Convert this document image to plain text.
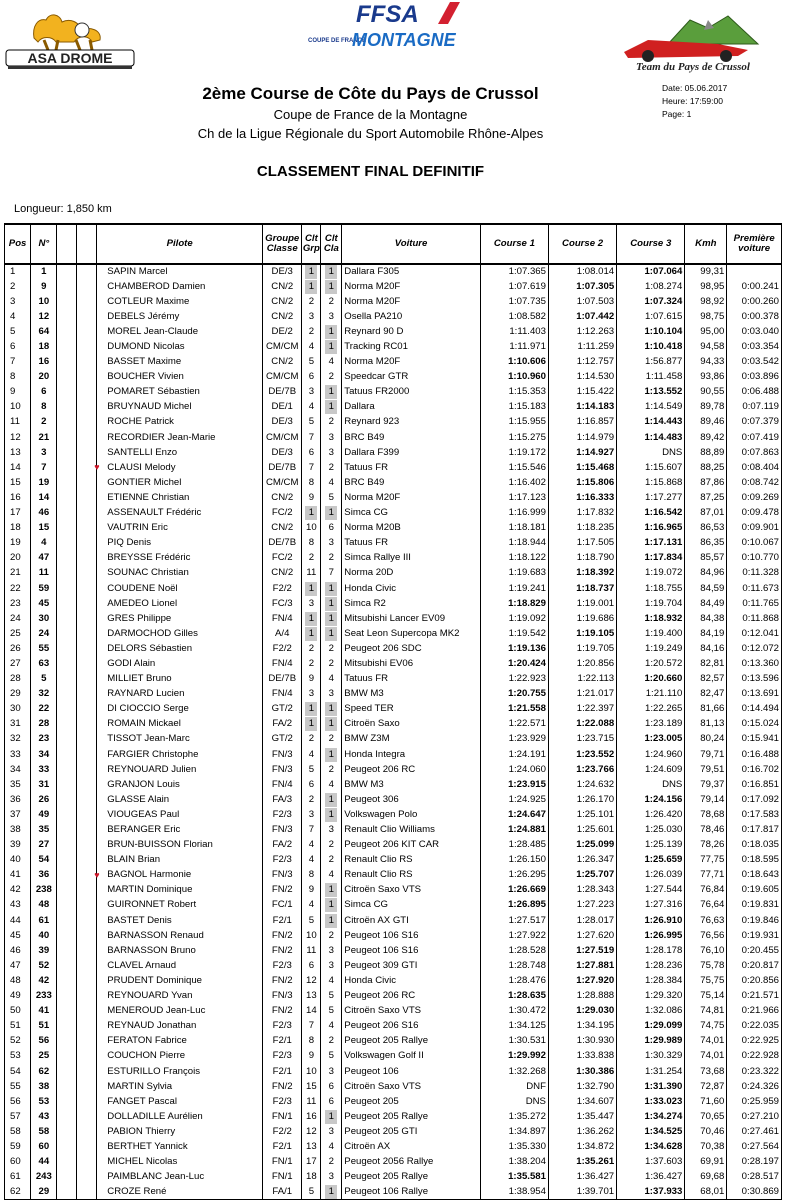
ASA DROME
FFSA
COUPE DE FRANCE
MONTAGNE
Team du Pays de Crussol
Date: 05.06.2017
Heure: 17:59:00
Page: 1
2ème Course de Côte du Pays de Crussol
Coupe de France de la Montagne
Ch de la Ligue Régionale du Sport Automobile Rhône-Alpes
CLASSEMENT FINAL DEFINITIF
Longueur: 1,850 km
Pos	N°			Pilote	Groupe Classe	Clt Grp	Clt Cla	Voiture	Course 1	Course 2	Course 3	Kmh	Première voiture
1	1			SAPIN Marcel	DE/3	1	1	Dallara F305	1:07.365	1:08.014	1:07.064	99,31	
2	9			CHAMBEROD Damien	CN/2	1	1	Norma M20F	1:07.619	1:07.305	1:08.274	98,95	0:00.241
3	10			COTLEUR Maxime	CN/2	2	2	Norma M20F	1:07.735	1:07.503	1:07.324	98,92	0:00.260
4	12			DEBELS Jérémy	CN/2	3	3	Osella PA210	1:08.582	1:07.442	1:07.615	98,75	0:00.378
5	64			MOREL Jean-Claude	DE/2	2	1	Reynard 90 D	1:11.403	1:12.263	1:10.104	95,00	0:03.040
6	18			DUMOND Nicolas	CM/CM	4	1	Tracking RC01	1:11.971	1:11.259	1:10.418	94,58	0:03.354
7	16			BASSET Maxime	CN/2	5	4	Norma M20F	1:10.606	1:12.757	1:56.877	94,33	0:03.542
8	20			BOUCHER Vivien	CM/CM	6	2	Speedcar GTR	1:10.960	1:14.530	1:11.458	93,86	0:03.896
9	6			POMARET Sébastien	DE/7B	3	1	Tatuus FR2000	1:15.353	1:15.422	1:13.552	90,55	0:06.488
10	8			BRUYNAUD Michel	DE/1	4	1	Dallara	1:15.183	1:14.183	1:14.549	89,78	0:07.119
11	2			ROCHE Patrick	DE/3	5	2	Reynard 923	1:15.955	1:16.857	1:14.443	89,46	0:07.379
12	21			RECORDIER Jean-Marie	CM/CM	7	3	BRC B49	1:15.275	1:14.979	1:14.483	89,42	0:07.419
13	3			SANTELLI Enzo	DE/3	6	3	Dallara F399	1:19.172	1:14.927	DNS	88,89	0:07.863
14	7			♥ CLAUSI Melody	DE/7B	7	2	Tatuus FR	1:15.546	1:15.468	1:15.607	88,25	0:08.404
15	19			GONTIER Michel	CM/CM	8	4	BRC B49	1:16.402	1:15.806	1:15.868	87,86	0:08.742
16	14			ETIENNE Christian	CN/2	9	5	Norma M20F	1:17.123	1:16.333	1:17.277	87,25	0:09.269
17	46			ASSENAULT Frédéric	FC/2	1	1	Simca CG	1:16.999	1:17.832	1:16.542	87,01	0:09.478
18	15			VAUTRIN Eric	CN/2	10	6	Norma M20B	1:18.181	1:18.235	1:16.965	86,53	0:09.901
19	4			PIQ Denis	DE/7B	8	3	Tatuus FR	1:18.944	1:17.505	1:17.131	86,35	0:10.067
20	47			BREYSSE Frédéric	FC/2	2	2	Simca Rallye III	1:18.122	1:18.790	1:17.834	85,57	0:10.770
21	11			SOUNAC Christian	CN/2	11	7	Norma 20D	1:19.683	1:18.392	1:19.072	84,96	0:11.328
22	59			COUDENE Noël	F2/2	1	1	Honda Civic	1:19.241	1:18.737	1:18.755	84,59	0:11.673
23	45			AMEDEO Lionel	FC/3	3	1	Simca R2	1:18.829	1:19.001	1:19.704	84,49	0:11.765
24	30			GRES Philippe	FN/4	1	1	Mitsubishi Lancer EV09	1:19.092	1:19.686	1:18.932	84,38	0:11.868
25	24			DARMOCHOD Gilles	A/4	1	1	Seat Leon Supercopa MK2	1:19.542	1:19.105	1:19.400	84,19	0:12.041
26	55			DELORS Sébastien	F2/2	2	2	Peugeot 206 SDC	1:19.136	1:19.705	1:19.249	84,16	0:12.072
27	63			GODI Alain	FN/4	2	2	Mitsubishi EV06	1:20.424	1:20.856	1:20.572	82,81	0:13.360
28	5			MILLIET Bruno	DE/7B	9	4	Tatuus FR	1:22.923	1:22.113	1:20.660	82,57	0:13.596
29	32			RAYNARD Lucien	FN/4	3	3	BMW M3	1:20.755	1:21.017	1:21.110	82,47	0:13.691
30	22			DI CIOCCIO Serge	GT/2	1	1	Speed TER	1:21.558	1:22.397	1:22.265	81,66	0:14.494
31	28			ROMAIN Mickael	FA/2	1	1	Citroën Saxo	1:22.571	1:22.088	1:23.189	81,13	0:15.024
32	23			TISSOT Jean-Marc	GT/2	2	2	BMW Z3M	1:23.929	1:23.715	1:23.005	80,24	0:15.941
33	34			FARGIER Christophe	FN/3	4	1	Honda Integra	1:24.191	1:23.552	1:24.960	79,71	0:16.488
34	33			REYNOUARD Julien	FN/3	5	2	Peugeot 206 RC	1:24.060	1:23.766	1:24.609	79,51	0:16.702
35	31			GRANJON Louis	FN/4	6	4	BMW M3	1:23.915	1:24.632	DNS	79,37	0:16.851
36	26			GLASSE Alain	FA/3	2	1	Peugeot 306	1:24.925	1:26.170	1:24.156	79,14	0:17.092
37	49			VIOUGEAS Paul	F2/3	3	1	Volkswagen Polo	1:24.647	1:25.101	1:26.420	78,68	0:17.583
38	35			BERANGER Eric	FN/3	7	3	Renault Clio Williams	1:24.881	1:25.601	1:25.030	78,46	0:17.817
39	27			BRUN-BUISSON Florian	FA/2	4	2	Peugeot 206 KIT CAR	1:28.485	1:25.099	1:25.139	78,26	0:18.035
40	54			BLAIN Brian	F2/3	4	2	Renault Clio RS	1:26.150	1:26.347	1:25.659	77,75	0:18.595
41	36			♥ BAGNOL Harmonie	FN/3	8	4	Renault Clio RS	1:26.295	1:25.707	1:26.039	77,71	0:18.643
42	238			MARTIN Dominique	FN/2	9	1	Citroën Saxo VTS	1:26.669	1:28.343	1:27.544	76,84	0:19.605
43	48			GUIRONNET Robert	FC/1	4	1	Simca CG	1:26.895	1:27.223	1:27.316	76,64	0:19.831
44	61			BASTET Denis	F2/1	5	1	Citroën AX GTI	1:27.517	1:28.017	1:26.910	76,63	0:19.846
45	40			BARNASSON Renaud	FN/2	10	2	Peugeot 106 S16	1:27.922	1:27.620	1:26.995	76,56	0:19.931
46	39			BARNASSON Bruno	FN/2	11	3	Peugeot 106 S16	1:28.528	1:27.519	1:28.178	76,10	0:20.455
47	52			CLAVEL Arnaud	F2/3	6	3	Peugeot 309 GTI	1:28.748	1:27.881	1:28.236	75,78	0:20.817
48	42			PRUDENT Dominique	FN/2	12	4	Honda Civic	1:28.476	1:27.920	1:28.384	75,75	0:20.856
49	233			REYNOUARD Yvan	FN/3	13	5	Peugeot 206 RC	1:28.635	1:28.888	1:29.320	75,14	0:21.571
50	41			MENEROUD Jean-Luc	FN/2	14	5	Citroën Saxo VTS	1:30.472	1:29.030	1:32.086	74,81	0:21.966
51	51			REYNAUD Jonathan	F2/3	7	4	Peugeot 206 S16	1:34.125	1:34.195	1:29.099	74,75	0:22.035
52	56			FERATON Fabrice	F2/1	8	2	Peugeot 205 Rallye	1:30.531	1:30.930	1:29.989	74,01	0:22.925
53	25			COUCHON Pierre	F2/3	9	5	Volkswagen Golf II	1:29.992	1:33.838	1:30.329	74,01	0:22.928
54	62			ESTURILLO François	F2/1	10	3	Peugeot 106	1:32.268	1:30.386	1:31.254	73,68	0:23.322
55	38			MARTIN Sylvia	FN/2	15	6	Citroën Saxo VTS	DNF	1:32.790	1:31.390	72,87	0:24.326
56	53			FANGET Pascal	F2/3	11	6	Peugeot 205	DNS	1:34.607	1:33.023	71,60	0:25.959
57	43			DOLLADILLE Aurélien	FN/1	16	1	Peugeot 205 Rallye	1:35.272	1:35.447	1:34.274	70,65	0:27.210
58	58			PABION Thierry	F2/2	12	3	Peugeot 205 GTI	1:34.897	1:36.262	1:34.525	70,46	0:27.461
59	60			BERTHET Yannick	F2/1	13	4	Citroën AX	1:35.330	1:34.872	1:34.628	70,38	0:27.564
60	44			MICHEL Nicolas	FN/1	17	2	Peugeot 2056 Rallye	1:38.204	1:35.261	1:37.603	69,91	0:28.197
61	243			PAIMBLANC Jean-Luc	FN/1	18	3	Peugeot 205 Rallye	1:35.581	1:36.427	1:36.427	69,68	0:28.517
62	29			CROZE René	FA/1	5	1	Peugeot 106 Rallye	1:38.954	1:39.701	1:37.933	68,01	0:30.869
